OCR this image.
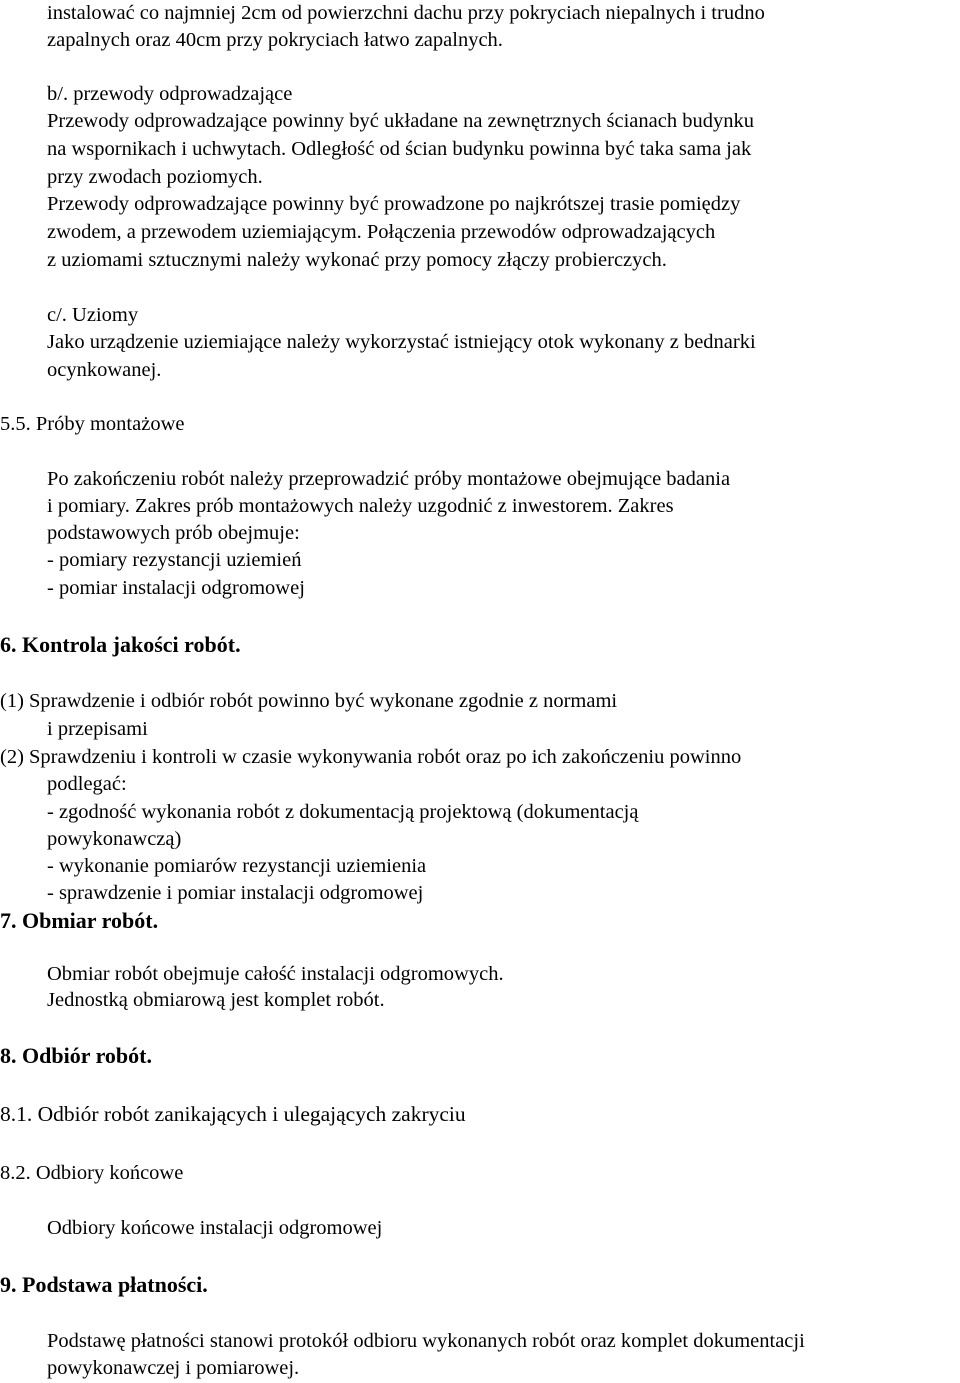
instalować co najmniej 2cm od powierzchni dachu przy pokryciach niepalnych i trudno
zapalnych oraz 40cm przy pokryciach łatwo zapalnych.
b/. przewody odprowadzające
Przewody odprowadzające powinny być układane na zewnętrznych ścianach budynku
na wspornikach i uchwytach. Odległość od ścian budynku powinna być taka sama jak
przy zwodach poziomych.
Przewody odprowadzające powinny być prowadzone po najkrótszej trasie pomiędzy
zwodem, a przewodem uziemiającym. Połączenia przewodów odprowadzających
z uziomami sztucznymi należy wykonać przy pomocy złączy probierczych.
c/. Uziomy
Jako urządzenie uziemiające należy wykorzystać istniejący otok wykonany z bednarki
ocynkowanej.
5.5. Próby montażowe
Po zakończeniu robót należy przeprowadzić próby montażowe obejmujące badania
i pomiary. Zakres prób montażowych należy uzgodnić z inwestorem. Zakres
podstawowych prób obejmuje:
- pomiary rezystancji uziemień
- pomiar instalacji odgromowej
6. Kontrola jakości robót.
(1) Sprawdzenie i odbiór robót powinno być wykonane zgodnie z normami
i przepisami
(2) Sprawdzeniu i kontroli w czasie wykonywania robót oraz po ich zakończeniu powinno
podlegać:
- zgodność wykonania robót z dokumentacją projektową (dokumentacją
powykonawczą)
- wykonanie pomiarów rezystancji uziemienia
- sprawdzenie i pomiar instalacji odgromowej
7. Obmiar robót.
Obmiar robót obejmuje całość instalacji odgromowych.
Jednostką obmiarową jest komplet robót.
8. Odbiór robót.
8.1. Odbiór robót zanikających i ulegających zakryciu
8.2. Odbiory końcowe
Odbiory końcowe instalacji odgromowej
9. Podstawa płatności.
Podstawę płatności stanowi protokół odbioru wykonanych robót oraz komplet dokumentacji
powykonawczej i pomiarowej.
